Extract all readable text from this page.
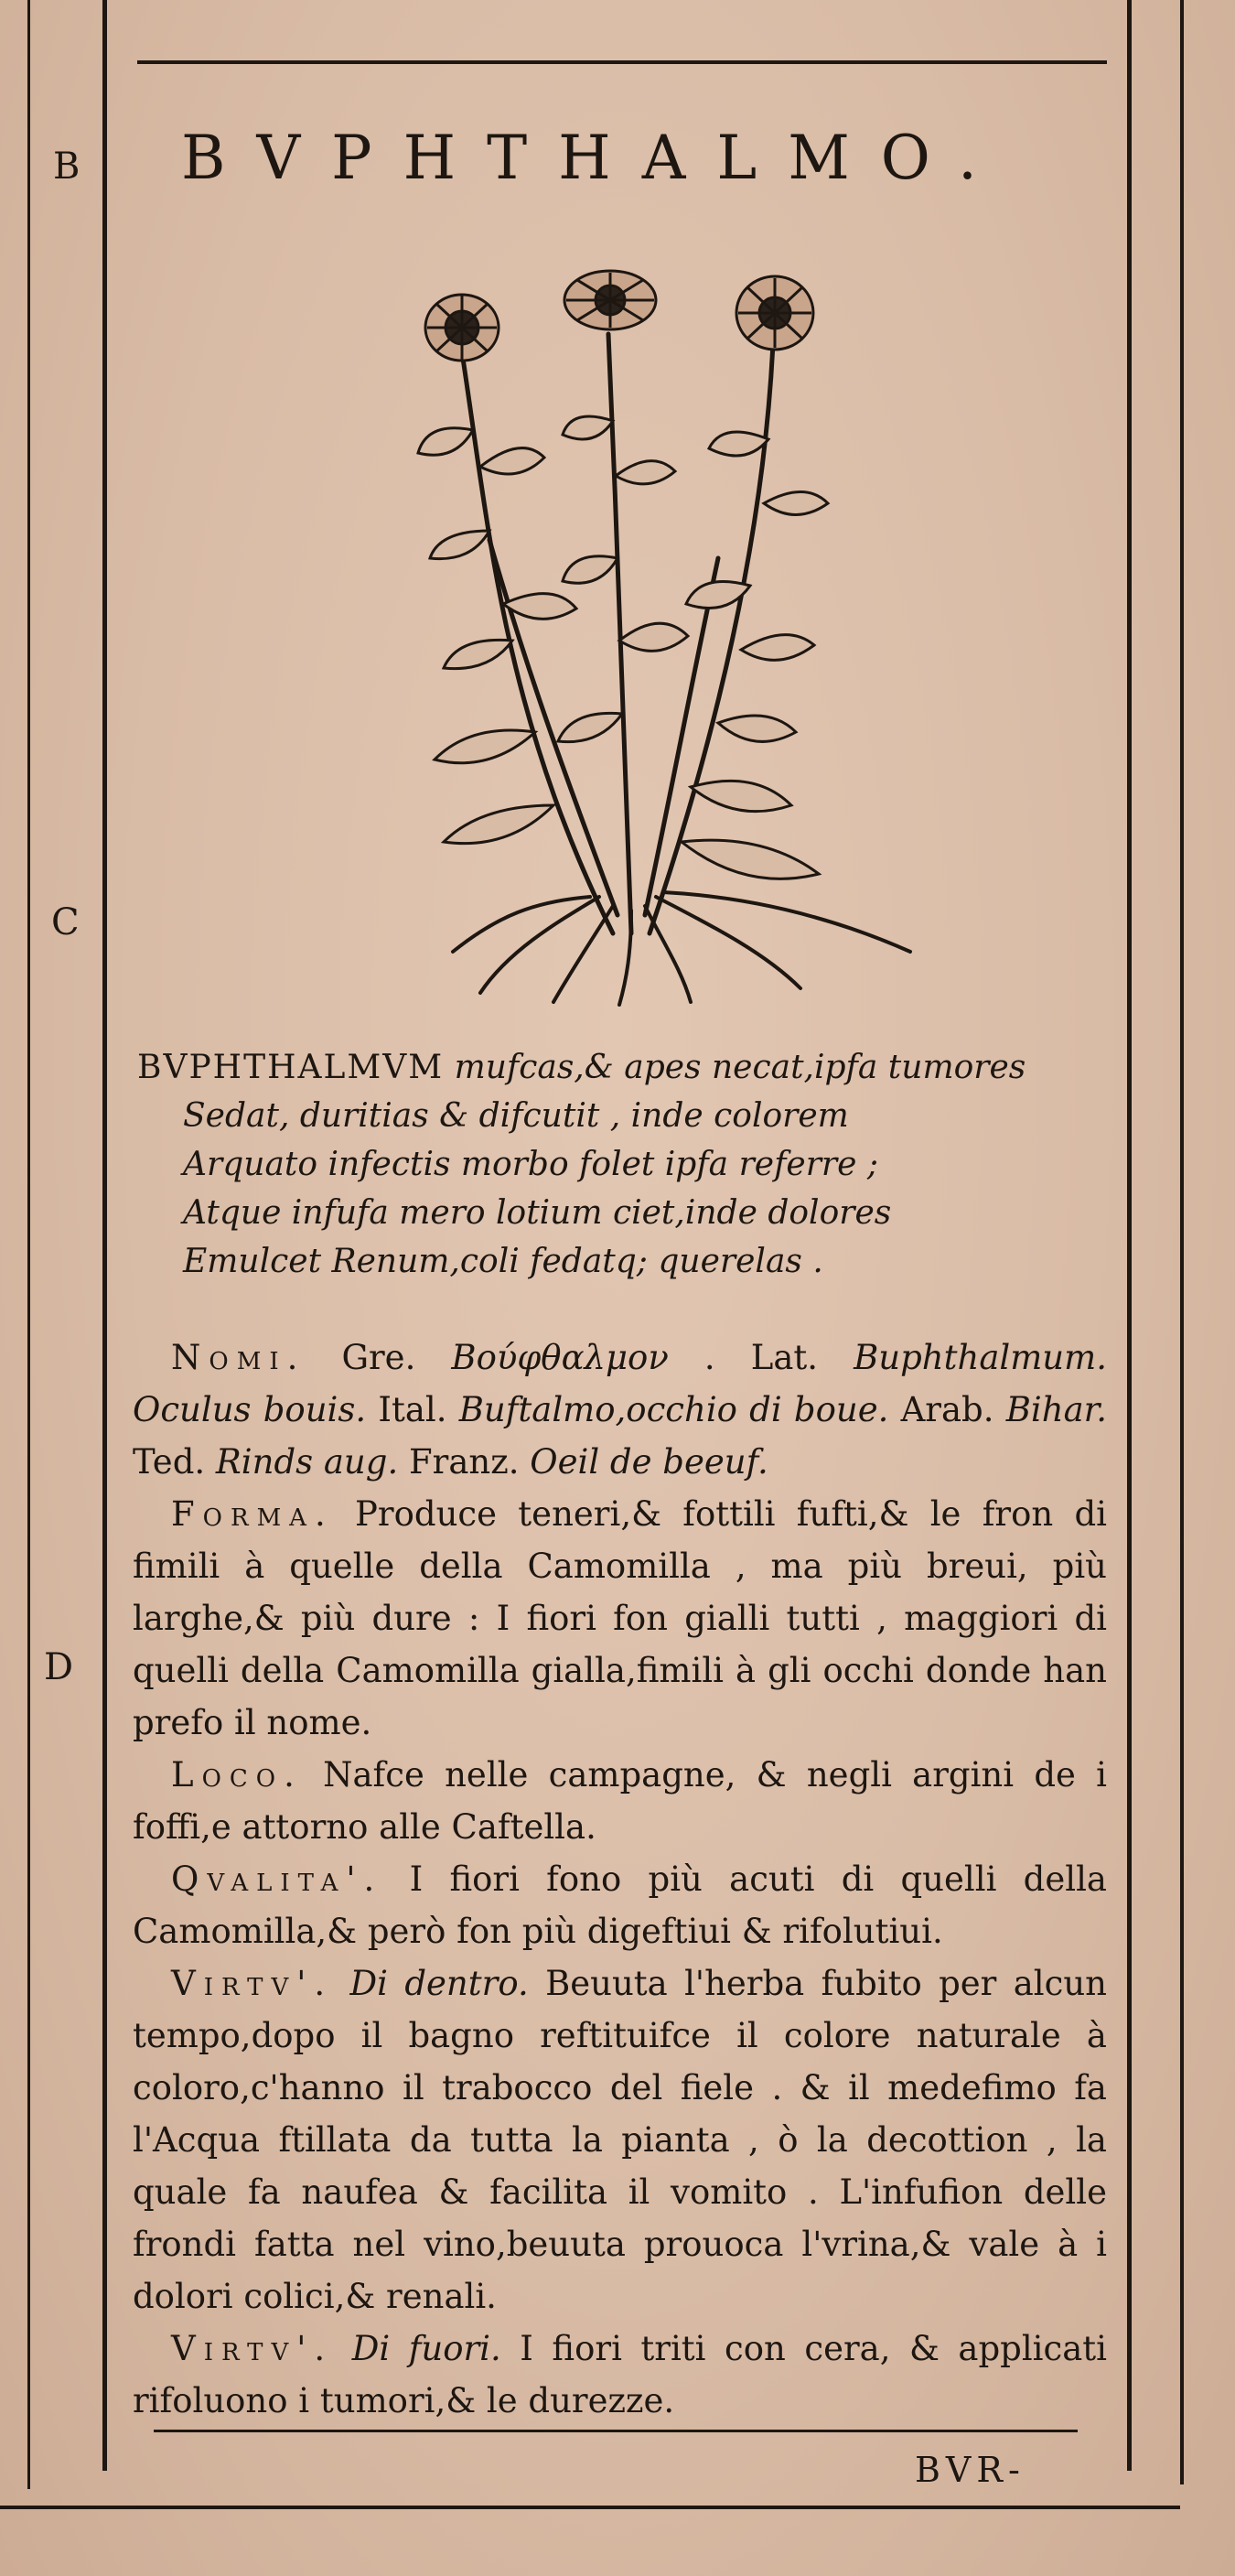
B
C
D
BVPHTHALMO.
BVPHTHALMVM mufcas,& apes necat,ipfa tumores
Sedat, duritias & difcutit , inde colorem
Arquato infectis morbo folet ipfa referre ;
Atque infufa mero lotium ciet,inde dolores
Emulcet Renum,coli fedatq; querelas .

Nomi. Gre. Βούφθαλμον . Lat. Buphthalmum. Oculus bouis. Ital. Buftalmo,occhio di boue. Arab. Bihar. Ted. Rinds aug. Franz. Oeil de beeuf.

Forma. Produce teneri,& fottili fufti,& le fron di fimili à quelle della Camomilla , ma più breui, più larghe,& più dure : I fiori fon gialli tutti , maggiori di quelli della Camomilla gialla,fimili à gli occhi donde han prefo il nome.

Loco. Nafce nelle campagne, & negli argini de i foffi,e attorno alle Caftella.

Qvalita'. I fiori fono più acuti di quelli della Camomilla,& però fon più digeftiui & rifolutiui.

Virtv'. Di dentro. Beuuta l'herba fubito per alcun tempo,dopo il bagno reftituifce il colore naturale à coloro,c'hanno il trabocco del fiele . & il medefimo fa l'Acqua ftillata da tutta la pianta , ò la decottion , la quale fa naufea & facilita il vomito . L'infufion delle frondi fatta nel vino,beuuta prouoca l'vrina,& vale à i dolori colici,& renali.

Virtv'. Di fuori. I fiori triti con cera, & applicati rifoluono i tumori,& le durezze.

BVR-
